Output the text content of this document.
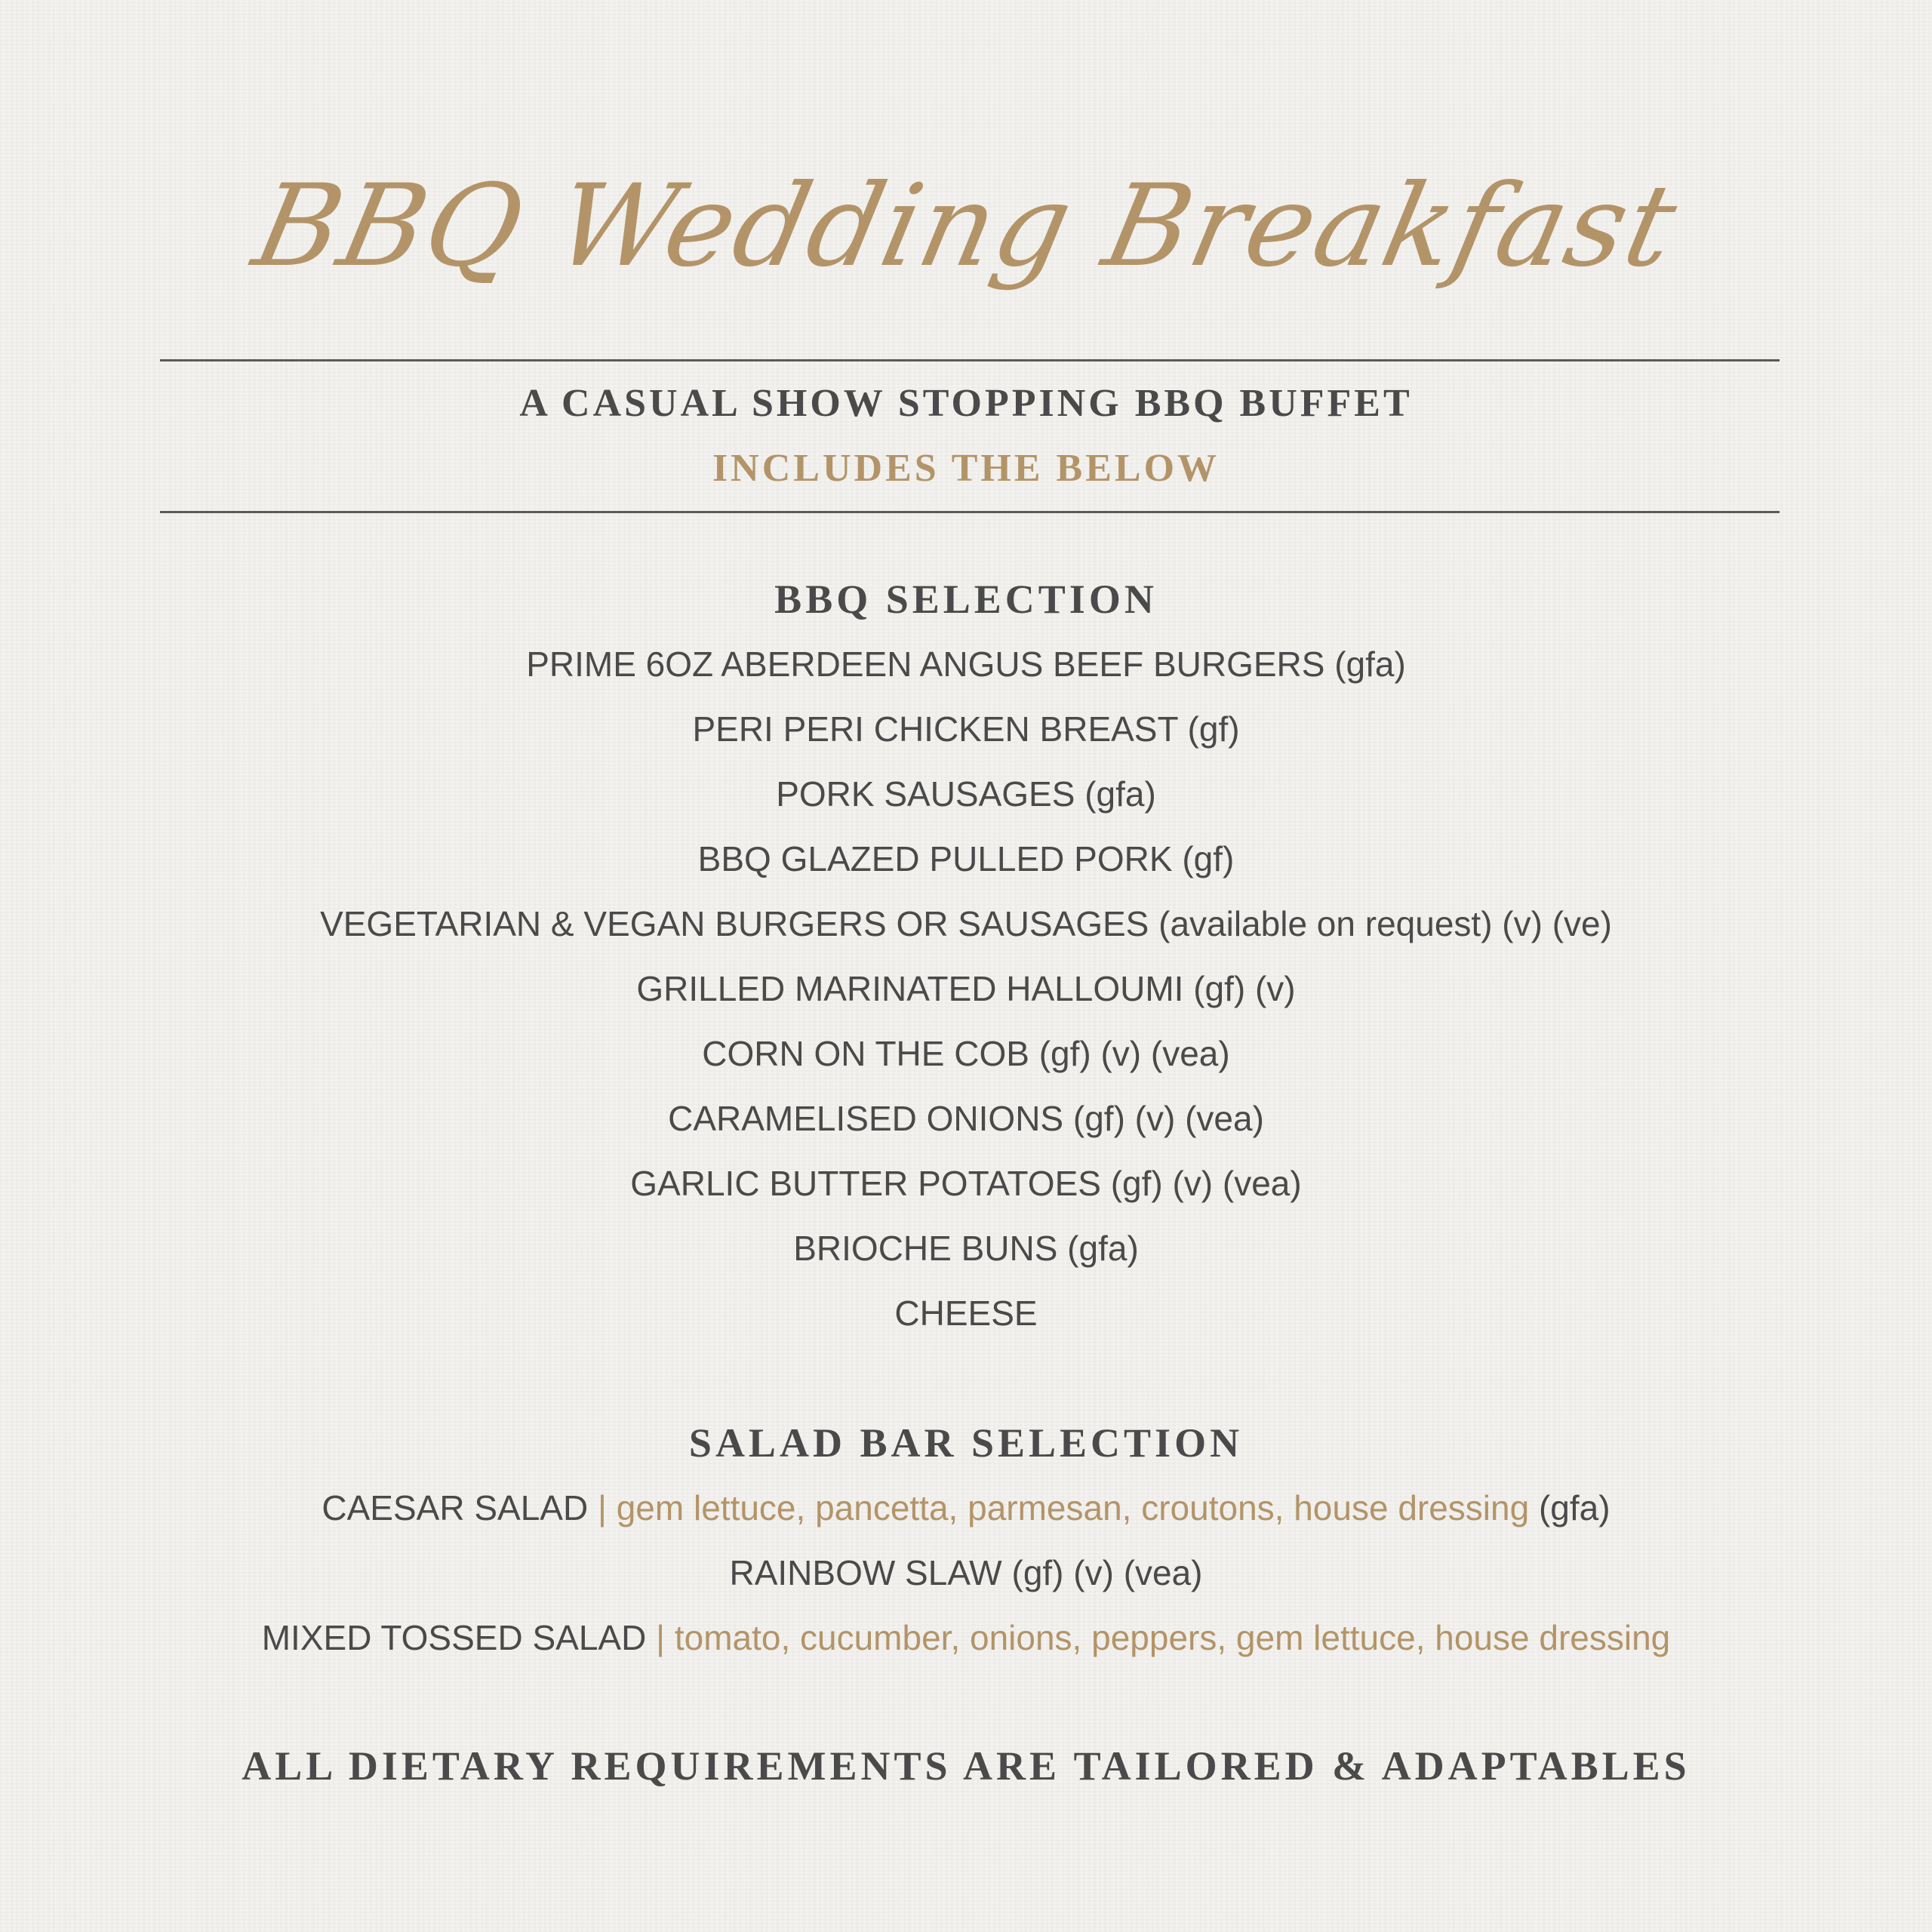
BBQ Wedding Breakfast
A CASUAL SHOW STOPPING BBQ BUFFET
INCLUDES THE BELOW
BBQ SELECTION
PRIME 6OZ ABERDEEN ANGUS BEEF BURGERS (gfa)
PERI PERI CHICKEN BREAST (gf)
PORK SAUSAGES (gfa)
BBQ GLAZED PULLED PORK (gf)
VEGETARIAN & VEGAN BURGERS OR SAUSAGES (available on request) (v) (ve)
GRILLED MARINATED HALLOUMI (gf) (v)
CORN ON THE COB (gf) (v) (vea)
CARAMELISED ONIONS (gf) (v) (vea)
GARLIC BUTTER POTATOES (gf) (v) (vea)
BRIOCHE BUNS (gfa)
CHEESE
SALAD BAR SELECTION
CAESAR SALAD | gem lettuce, pancetta, parmesan, croutons, house dressing (gfa)
RAINBOW SLAW (gf) (v) (vea)
MIXED TOSSED SALAD | tomato, cucumber, onions, peppers, gem lettuce, house dressing
ALL DIETARY REQUIREMENTS ARE TAILORED & ADAPTABLES
